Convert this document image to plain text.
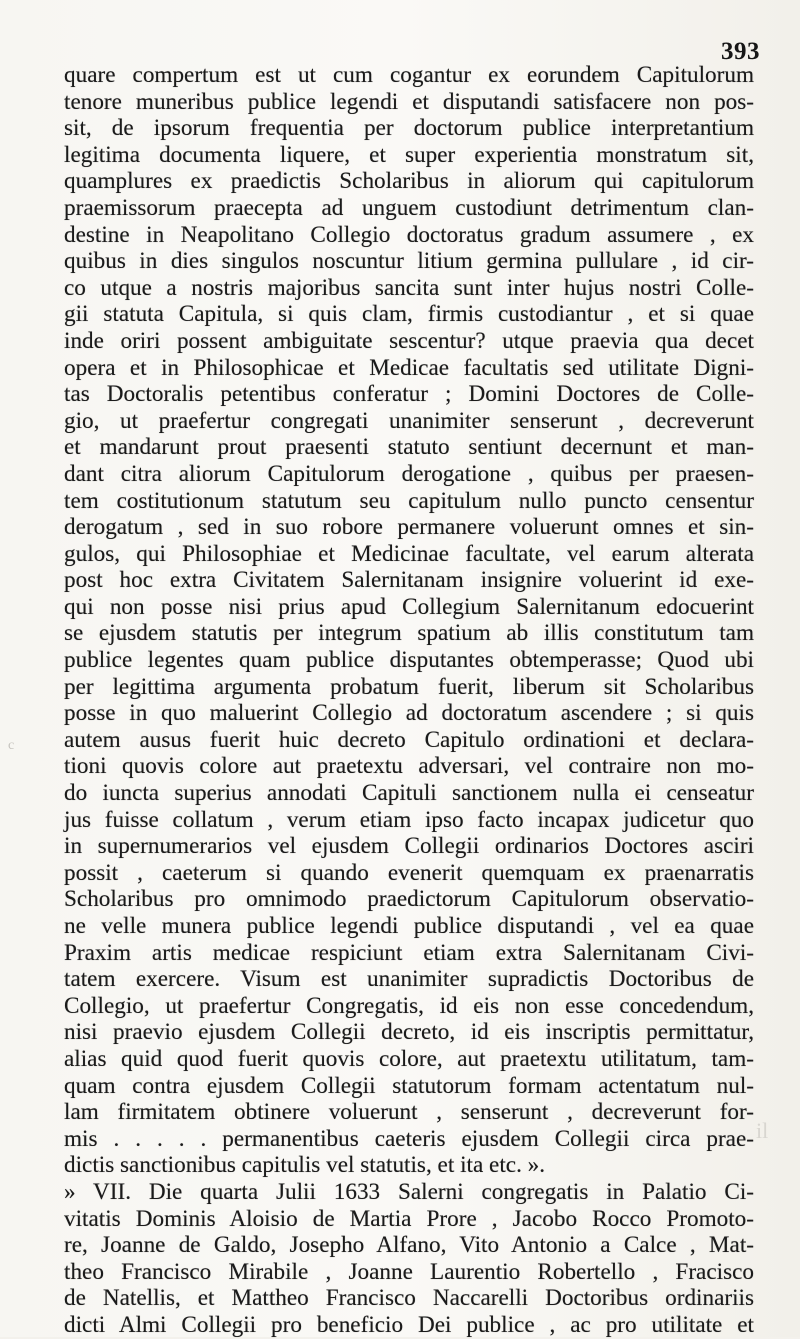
393
quare compertum est ut cum cogantur ex eorundem Capitulorum
tenore muneribus publice legendi et disputandi satisfacere non pos-
sit, de ipsorum frequentia per doctorum publice interpretantium
legitima documenta liquere, et super experientia monstratum sit,
quamplures ex praedictis Scholaribus in aliorum qui capitulorum
praemissorum praecepta ad unguem custodiunt detrimentum clan-
destine in Neapolitano Collegio doctoratus gradum assumere , ex
quibus in dies singulos noscuntur litium germina pullulare , id cir-
co utque a nostris majoribus sancita sunt inter hujus nostri Colle-
gii statuta Capitula, si quis clam, firmis custodiantur , et si quae
inde oriri possent ambiguitate sescentur? utque praevia qua decet
opera et in Philosophicae et Medicae facultatis sed utilitate Digni-
tas Doctoralis petentibus conferatur ; Domini Doctores de Colle-
gio, ut praefertur congregati unanimiter senserunt , decreverunt
et mandarunt prout praesenti statuto sentiunt decernunt et man-
dant citra aliorum Capitulorum derogatione , quibus per praesen-
tem costitutionum statutum seu capitulum nullo puncto censentur
derogatum , sed in suo robore permanere voluerunt omnes et sin-
gulos, qui Philosophiae et Medicinae facultate, vel earum alterata
post hoc extra Civitatem Salernitanam insignire voluerint id exe-
qui non posse nisi prius apud Collegium Salernitanum edocuerint
se ejusdem statutis per integrum spatium ab illis constitutum tam
publice legentes quam publice disputantes obtemperasse; Quod ubi
per legittima argumenta probatum fuerit, liberum sit Scholaribus
posse in quo maluerint Collegio ad doctoratum ascendere ; si quis
autem ausus fuerit huic decreto Capitulo ordinationi et declara-
tioni quovis colore aut praetextu adversari, vel contraire non mo-
do iuncta superius annodati Capituli sanctionem nulla ei censeatur
jus fuisse collatum , verum etiam ipso facto incapax judicetur quo
in supernumerarios vel ejusdem Collegii ordinarios Doctores asciri
possit , caeterum si quando evenerit quemquam ex praenarratis
Scholaribus pro omnimodo praedictorum Capitulorum observatio-
ne velle munera publice legendi publice disputandi , vel ea quae
Praxim artis medicae respiciunt etiam extra Salernitanam Civi-
tatem exercere. Visum est unanimiter supradictis Doctoribus de
Collegio, ut praefertur Congregatis, id eis non esse concedendum,
nisi praevio ejusdem Collegii decreto, id eis inscriptis permittatur,
alias quid quod fuerit quovis colore, aut praetextu utilitatum, tam-
quam contra ejusdem Collegii statutorum formam actentatum nul-
lam firmitatem obtinere voluerunt , senserunt , decreverunt for-
mis . . . . . permanentibus caeteris ejusdem Collegii circa prae-
dictis sanctionibus capitulis vel statutis, et ita etc. ».
» VII. Die quarta Julii 1633 Salerni congregatis in Palatio Ci-
vitatis Dominis Aloisio de Martia Prore , Jacobo Rocco Promoto-
re, Joanne de Galdo, Josepho Alfano, Vito Antonio a Calce , Mat-
theo Francisco Mirabile , Joanne Laurentio Robertello , Fracisco
de Natellis, et Mattheo Francisco Naccarelli Doctoribus ordinariis
dicti Almi Collegii pro beneficio Dei publice , ac pro utilitate et
il
c
